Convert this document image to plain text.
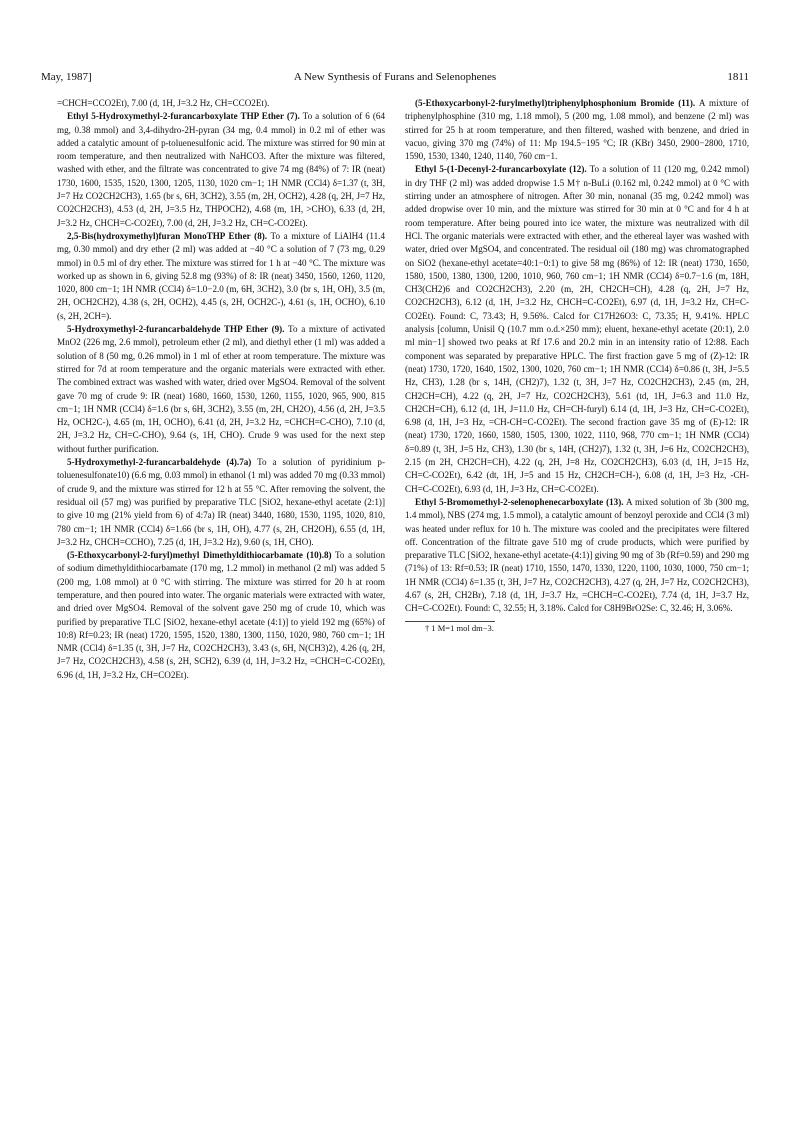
May, 1987]	A New Synthesis of Furans and Selenophenes	1811

=CHCH=CCO2Et), 7.00 (d, 1H, J=3.2 Hz, CH=CCO2Et).

Ethyl 5-Hydroxymethyl-2-furancarboxylate THP Ether (7). To a solution of 6 (64 mg, 0.38 mmol) and 3,4-dihydro-2H-pyran (34 mg, 0.4 mmol) in 0.2 ml of ether was added a catalytic amount of p-toluenesulfonic acid. The mixture was stirred for 90 min at room temperature, and then neutralized with NaHCO3. After the mixture was filtered, washed with ether, and the filtrate was concentrated to give 74 mg (84%) of 7: IR (neat) 1730, 1600, 1535, 1520, 1300, 1205, 1130, 1020 cm−1; 1H NMR (CCl4) δ=1.37 (t, 3H, J=7 Hz CO2CH2CH3), 1.65 (br s, 6H, 3CH2), 3.55 (m, 2H, OCH2), 4.28 (q, 2H, J=7 Hz, CO2CH2CH3), 4.53 (d, 2H, J=3.5 Hz, THPOCH2), 4.68 (m, 1H, >CHO), 6.33 (d, 2H, J=3.2 Hz, CHCH=C-CO2Et), 7.00 (d, 2H, J=3.2 Hz, CH=C-CO2Et).

2,5-Bis(hydroxymethyl)furan MonoTHP Ether (8). To a mixture of LiAlH4 (11.4 mg, 0.30 mmol) and dry ether (2 ml) was added at −40 °C a solution of 7 (73 mg, 0.29 mmol) in 0.5 ml of dry ether. The mixture was stirred for 1 h at −40 °C. The mixture was worked up as shown in 6, giving 52.8 mg (93%) of 8: IR (neat) 3450, 1560, 1260, 1120, 1020, 800 cm−1; 1H NMR (CCl4) δ=1.0−2.0 (m, 6H, 3CH2), 3.0 (br s, 1H, OH), 3.5 (m, 2H, OCH2CH2), 4.38 (s, 2H, OCH2), 4.45 (s, 2H, OCH2C-), 4.61 (s, 1H, OCHO), 6.10 (s, 2H, 2CH=).

5-Hydroxymethyl-2-furancarbaldehyde THP Ether (9). To a mixture of activated MnO2 (226 mg, 2.6 mmol), petroleum ether (2 ml), and diethyl ether (1 ml) was added a solution of 8 (50 mg, 0.26 mmol) in 1 ml of ether at room temperature. The mixture was stirred for 7d at room temperature and the organic materials were extracted with ether. The combined extract was washed with water, dried over MgSO4. Removal of the solvent gave 70 mg of crude 9: IR (neat) 1680, 1660, 1530, 1260, 1155, 1020, 965, 900, 815 cm−1; 1H NMR (CCl4) δ=1.6 (br s, 6H, 3CH2), 3.55 (m, 2H, CH2O), 4.56 (d, 2H, J=3.5 Hz, OCH2C-), 4.65 (m, 1H, OCHO), 6.41 (d, 2H, J=3.2 Hz, =CHCH=C-CHO), 7.10 (d, 2H, J=3.2 Hz, CH=C-CHO), 9.64 (s, 1H, CHO). Crude 9 was used for the next step without further purification.

5-Hydroxymethyl-2-furancarbaldehyde (4).7a) To a solution of pyridinium p-toluenesulfonate10) (6.6 mg, 0.03 mmol) in ethanol (1 ml) was added 70 mg (0.33 mmol) of crude 9, and the mixture was stirred for 12 h at 55 °C. After removing the solvent, the residual oil (57 mg) was purified by preparative TLC [SiO2, hexane-ethyl acetate (2:1)] to give 10 mg (21% yield from 6) of 4:7a) IR (neat) 3440, 1680, 1530, 1195, 1020, 810, 780 cm−1; 1H NMR (CCl4) δ=1.66 (br s, 1H, OH), 4.77 (s, 2H, CH2OH), 6.55 (d, 1H, J=3.2 Hz, CHCH=CCHO), 7.25 (d, 1H, J=3.2 Hz), 9.60 (s, 1H, CHO).

(5-Ethoxycarbonyl-2-furyl)methyl Dimethyldithiocarbamate (10).8) To a solution of sodium dimethyldithiocarbamate (170 mg, 1.2 mmol) in methanol (2 ml) was added 5 (200 mg, 1.08 mmol) at 0 °C with stirring. The mixture was stirred for 20 h at room temperature, and then poured into water. The organic materials were extracted with water, and dried over MgSO4. Removal of the solvent gave 250 mg of crude 10, which was purified by preparative TLC [SiO2, hexane-ethyl acetate (4:1)] to yield 192 mg (65%) of 10:8) Rf=0.23; IR (neat) 1720, 1595, 1520, 1380, 1300, 1150, 1020, 980, 760 cm−1; 1H NMR (CCl4) δ=1.35 (t, 3H, J=7 Hz, CO2CH2CH3), 3.43 (s, 6H, N(CH3)2), 4.26 (q, 2H, J=7 Hz, CO2CH2CH3), 4.58 (s, 2H, SCH2), 6.39 (d, 1H, J=3.2 Hz, =CHCH=C-CO2Et), 6.96 (d, 1H, J=3.2 Hz, CH=CO2Et).

(5-Ethoxycarbonyl-2-furylmethyl)triphenylphosphonium Bromide (11). A mixture of triphenylphosphine (310 mg, 1.18 mmol), 5 (200 mg, 1.08 mmol), and benzene (2 ml) was stirred for 25 h at room temperature, and then filtered, washed with benzene, and dried in vacuo, giving 370 mg (74%) of 11: Mp 194.5−195 °C; IR (KBr) 3450, 2900−2800, 1710, 1590, 1530, 1340, 1240, 1140, 760 cm−1.

Ethyl 5-(1-Decenyl-2-furancarboxylate (12). To a solution of 11 (120 mg, 0.242 mmol) in dry THF (2 ml) was added dropwise 1.5 M† n-BuLi (0.162 ml, 0.242 mmol) at 0 °C with stirring under an atmosphere of nitrogen. After 30 min, nonanal (35 mg, 0.242 mmol) was added dropwise over 10 min, and the mixture was stirred for 30 min at 0 °C and for 4 h at room temperature. After being poured into ice water, the mixture was neutralized with dil HCl. The organic materials were extracted with ether, and the ethereal layer was washed with water, dried over MgSO4, and concentrated. The residual oil (180 mg) was chromatographed on SiO2 (hexane-ethyl acetate=40:1−0:1) to give 58 mg (86%) of 12: IR (neat) 1730, 1650, 1580, 1500, 1380, 1300, 1200, 1010, 960, 760 cm−1; 1H NMR (CCl4) δ=0.7−1.6 (m, 18H, CH3(CH2)6 and CO2CH2CH3), 2.20 (m, 2H, CH2CH=CH), 4.28 (q, 2H, J=7 Hz, CO2CH2CH3), 6.12 (d, 1H, J=3.2 Hz, CHCH=C-CO2Et), 6.97 (d, 1H, J=3.2 Hz, CH=C-CO2Et). Found: C, 73.43; H, 9.56%. Calcd for C17H26O3: C, 73.35; H, 9.41%. HPLC analysis [column, Unisil Q (10.7 mm o.d.×250 mm); eluent, hexane-ethyl acetate (20:1), 2.0 ml min−1] showed two peaks at Rf 17.6 and 20.2 min in an intensity ratio of 12:88. Each component was separated by preparative HPLC. The first fraction gave 5 mg of (Z)-12: IR (neat) 1730, 1720, 1640, 1502, 1300, 1020, 760 cm−1; 1H NMR (CCl4) δ=0.86 (t, 3H, J=5.5 Hz, CH3), 1.28 (br s, 14H, (CH2)7), 1.32 (t, 3H, J=7 Hz, CO2CH2CH3), 2.45 (m, 2H, CH2CH=CH), 4.22 (q, 2H, J=7 Hz, CO2CH2CH3), 5.61 (td, 1H, J=6.3 and 11.0 Hz, CH2CH=CH), 6.12 (d, 1H, J=11.0 Hz, CH=CH-furyl) 6.14 (d, 1H, J=3 Hz, CH=C-CO2Et), 6.98 (d, 1H, J=3 Hz, =CH-CH=C-CO2Et). The second fraction gave 35 mg of (E)-12: IR (neat) 1730, 1720, 1660, 1580, 1505, 1300, 1022, 1110, 968, 770 cm−1; 1H NMR (CCl4) δ=0.89 (t, 3H, J=5 Hz, CH3), 1.30 (br s, 14H, (CH2)7), 1.32 (t, 3H, J=6 Hz, CO2CH2CH3), 2.15 (m 2H, CH2CH=CH), 4.22 (q, 2H, J=8 Hz, CO2CH2CH3), 6.03 (d, 1H, J=15 Hz, CH=C-CO2Et), 6.42 (dt, 1H, J=5 and 15 Hz, CH2CH=CH-), 6.08 (d, 1H, J=3 Hz, -CH-CH=C-CO2Et), 6.93 (d, 1H, J=3 Hz, CH=C-CO2Et).

Ethyl 5-Bromomethyl-2-selenophenecarboxylate (13). A mixed solution of 3b (300 mg, 1.4 mmol), NBS (274 mg, 1.5 mmol), a catalytic amount of benzoyl peroxide and CCl4 (3 ml) was heated under reflux for 10 h. The mixture was cooled and the precipitates were filtered off. Concentration of the filtrate gave 510 mg of crude products, which were purified by preparative TLC [SiO2, hexane-ethyl acetate-(4:1)] giving 90 mg of 3b (Rf=0.59) and 290 mg (71%) of 13: Rf=0.53; IR (neat) 1710, 1550, 1470, 1330, 1220, 1100, 1030, 1000, 750 cm−1; 1H NMR (CCl4) δ=1.35 (t, 3H, J=7 Hz, CO2CH2CH3), 4.27 (q, 2H, J=7 Hz, CO2CH2CH3), 4.67 (s, 2H, CH2Br), 7.18 (d, 1H, J=3.7 Hz, =CHCH=C-CO2Et), 7.74 (d, 1H, J=3.7 Hz, CH=C-CO2Et). Found: C, 32.55; H, 3.18%. Calcd for C8H9BrO2Se: C, 32.46; H, 3.06%.

† 1 M=1 mol dm−3.
